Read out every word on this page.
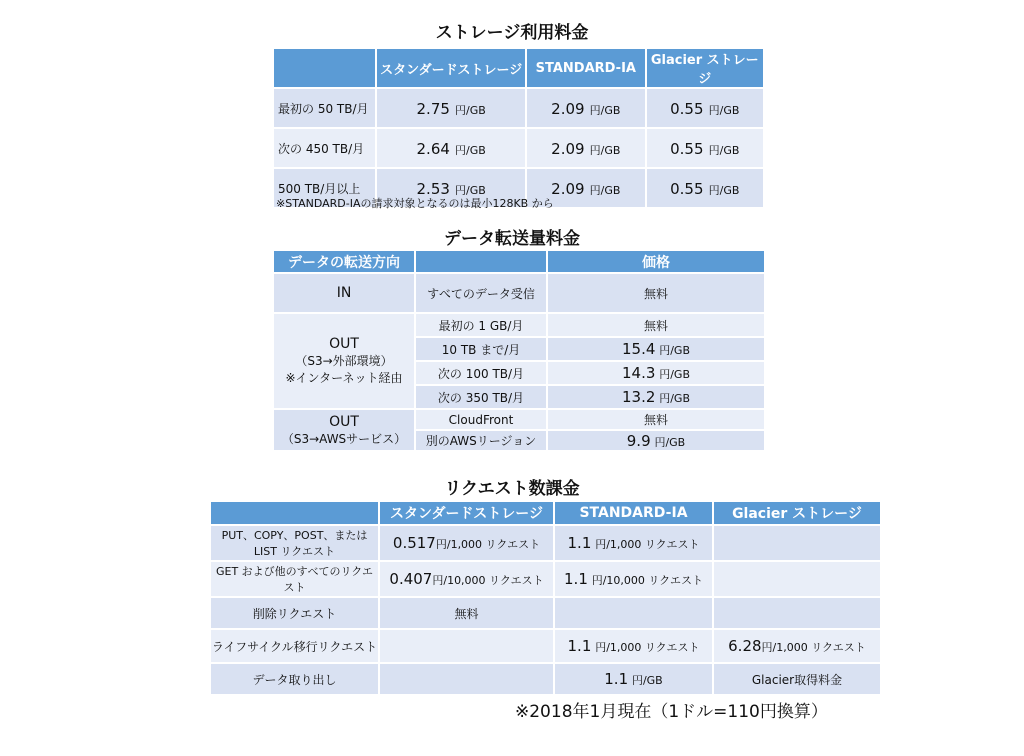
ストレージ利用料金
	スタンダードストレージ	STANDARD-IA	Glacier ストレージ
最初の 50 TB/月	2.75 円/GB	2.09 円/GB	0.55 円/GB
次の 450 TB/月	2.64 円/GB	2.09 円/GB	0.55 円/GB
500 TB/月以上	2.53 円/GB	2.09 円/GB	0.55 円/GB
※STANDARD-IAの請求対象となるのは最小128KB から
データ転送量料金
データの転送方向		価格
IN	すべてのデータ受信	無料

OUT
（S3→外部環境）
※インターネット経由	最初の 1 GB/月	無料
	10 TB まで/月	15.4 円/GB
	次の 100 TB/月	14.3 円/GB
	次の 350 TB/月	13.2 円/GB

OUT
（S3→AWSサービス）	CloudFront	無料
	別のAWSリージョン	9.9 円/GB
リクエスト数課金
	スタンダードストレージ	STANDARD-IA	Glacier ストレージ
PUT、COPY、POST、または LIST リクエスト	0.517円/1,000 リクエスト	1.1 円/1,000 リクエスト	
GET および他のすべてのリクエスト	0.407円/10,000 リクエスト	1.1 円/10,000 リクエスト	
削除リクエスト	無料		
ライフサイクル移行リクエスト		1.1 円/1,000 リクエスト	6.28円/1,000 リクエスト
データ取り出し		1.1 円/GB	Glacier取得料金
※2018年1月現在（1ドル=110円換算）
